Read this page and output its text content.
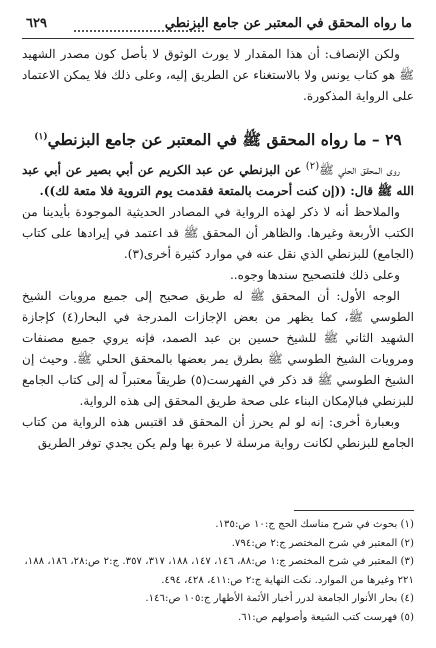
ما رواه المحقق في المعتبر عن جامع البزنطي
٦٢٩

ولكن الإنصاف: أن هذا المقدار لا يورث الوثوق لا بأصل كون مصدر الشهيد ﷺ هو كتاب يونس ولا بالاستغناء عن الطريق إليه، وعلى ذلك فلا يمكن الاعتماد على الرواية المذكورة.

٢٩ – ما رواه المحقق ﷺ في المعتبر عن جامع البزنطي$^{(١)}$

روى المحقق الحلي ﷺ$^{(٢)}$ عن البزنطي عن عبد الكريم عن أبي بصير عن أبي عبد الله ﷺ قال: ((إن كنت أحرمت بالمتعة فقدمت يوم التروية فلا متعة لك)).

والملاحظ أنه لا ذكر لهذه الرواية في المصادر الحديثية الموجودة بأيدينا من الكتب الأربعة وغيرها. والظاهر أن المحقق ﷺ قد اعتمد في إيرادها على كتاب (الجامع) للبزنطي الذي نقل عنه في موارد كثيرة أخرى(٣).

وعلى ذلك فلتصحيح سندها وجوه..

الوجه الأول: أن المحقق ﷺ له طريق صحيح إلى جميع مرويات الشيخ الطوسي ﷺ، كما يظهر من بعض الإجازات المدرجة في البحار(٤) كإجازة الشهيد الثاني ﷺ للشيخ حسين بن عبد الصمد، فإنه يروي جميع مصنفات ومرويات الشيخ الطوسي ﷺ بطرق يمر بعضها بالمحقق الحلي ﷺ. وحيث إن الشيخ الطوسي ﷺ قد ذكر في الفهرست(٥) طريقاً معتبراً له إلى كتاب الجامع للبزنطي فبالإمكان البناء على صحة طريق المحقق إلى هذه الرواية.

وبعبارة أخرى: إنه لو لم يحرز أن المحقق قد اقتبس هذه الرواية من كتاب الجامع للبزنطي لكانت رواية مرسلة لا عبرة بها ولم يكن يجدي توفر الطريق

(١) بحوث في شرح مناسك الحج ج:١٠ ص:١٣٥.

(٢) المعتبر في شرح المختصر ج:٢ ص:٧٩٤.

(٣) المعتبر في شرح المختصر ج:١ ص:٨٨، ١٤٦، ١٤٧، ١٨٨، ٣١٧، ٣٥٧. ج:٢ ص:٢٨، ١٨٦، ١٨٨، ٢٢١ وغيرها من الموارد. نكت النهاية ج:٢ ص:٤١١، ٤٢٨، ٤٩٤.

(٤) بحار الأنوار الجامعة لدرر أخبار الأئمة الأطهار ج:١٠٥ ص:١٤٦.

(٥) فهرست كتب الشيعة وأصولهم ص:٦١.
